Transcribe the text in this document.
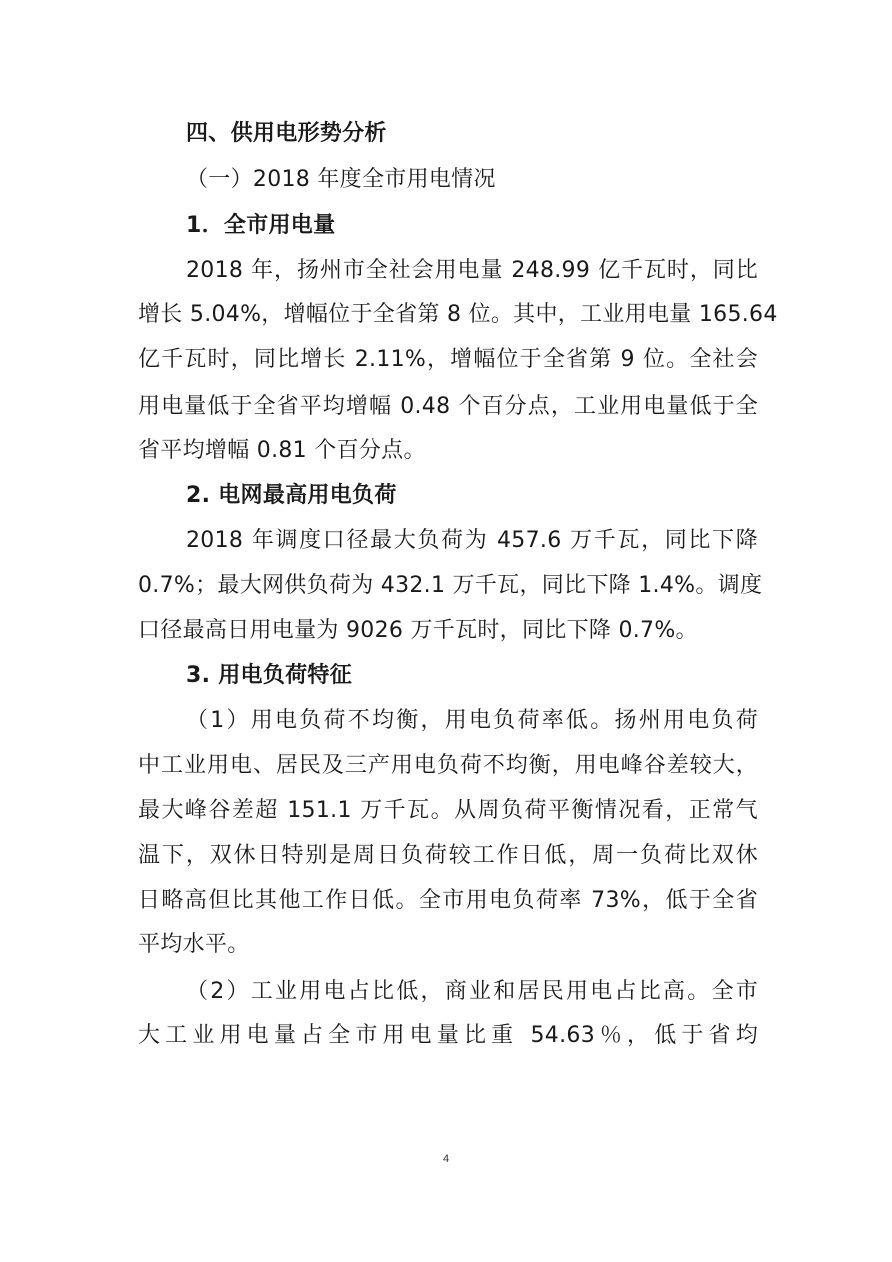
四、供用电形势分析
（一）2018 年度全市用电情况
1．全市用电量
2018 年，扬州市全社会用电量 248.99 亿千瓦时，同比
增长 5.04%，增幅位于全省第 8 位。其中，工业用电量 165.64
亿千瓦时，同比增长 2.11%，增幅位于全省第 9 位。全社会
用电量低于全省平均增幅 0.48 个百分点，工业用电量低于全
省平均增幅 0.81 个百分点。
2. 电网最高用电负荷
2018 年调度口径最大负荷为 457.6 万千瓦，同比下降
0.7%；最大网供负荷为 432.1 万千瓦，同比下降 1.4%。调度
口径最高日用电量为 9026 万千瓦时，同比下降 0.7%。
3. 用电负荷特征
（1）用电负荷不均衡，用电负荷率低。扬州用电负荷
中工业用电、居民及三产用电负荷不均衡，用电峰谷差较大，
最大峰谷差超 151.1 万千瓦。从周负荷平衡情况看，正常气
温下，双休日特别是周日负荷较工作日低，周一负荷比双休
日略高但比其他工作日低。全市用电负荷率 73%，低于全省
平均水平。
（2）工业用电占比低，商业和居民用电占比高。全市
大工业用电量占全市用电量比重 54.63％，低于省均
4
